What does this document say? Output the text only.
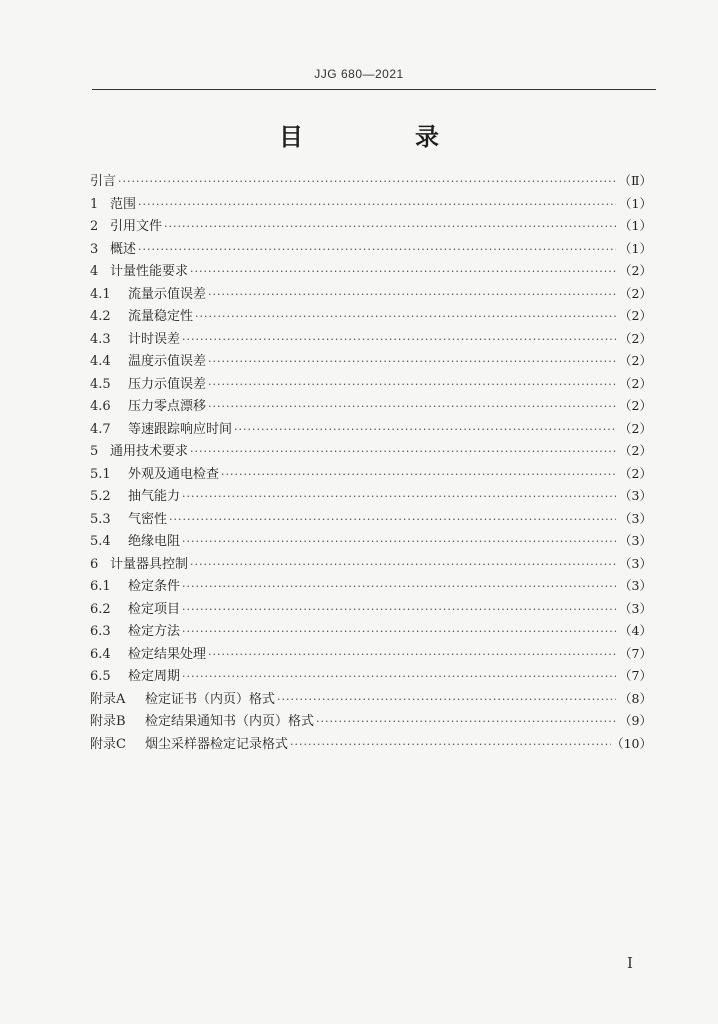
JJG 680—2021
目　录
引言 ·····	（Ⅱ）
1 范围 ·····	（1）
2 引用文件 ·····	（1）
3 概述 ·····	（1）
4 计量性能要求 ·····	（2）
4.1	流量示值误差 ·····	（2）
4.2	流量稳定性 ·····	（2）
4.3	计时误差 ·····	（2）
4.4	温度示值误差 ·····	（2）
4.5	压力示值误差 ·····	（2）
4.6	压力零点漂移 ·····	（2）
4.7	等速跟踪响应时间 ·····	（2）
5 通用技术要求 ·····	（2）
5.1	外观及通电检查 ·····	（2）
5.2	抽气能力 ·····	（3）
5.3	气密性 ·····	（3）
5.4	绝缘电阻 ·····	（3）
6 计量器具控制 ·····	（3）
6.1	检定条件 ·····	（3）
6.2	检定项目 ·····	（3）
6.3	检定方法 ·····	（4）
6.4	检定结果处理 ·····	（7）
6.5	检定周期 ·····	（7）
附录A	检定证书（内页）格式 ·····	（8）
附录B	检定结果通知书（内页）格式 ·····	（9）
附录C	烟尘采样器检定记录格式 ·····	（10）
I
